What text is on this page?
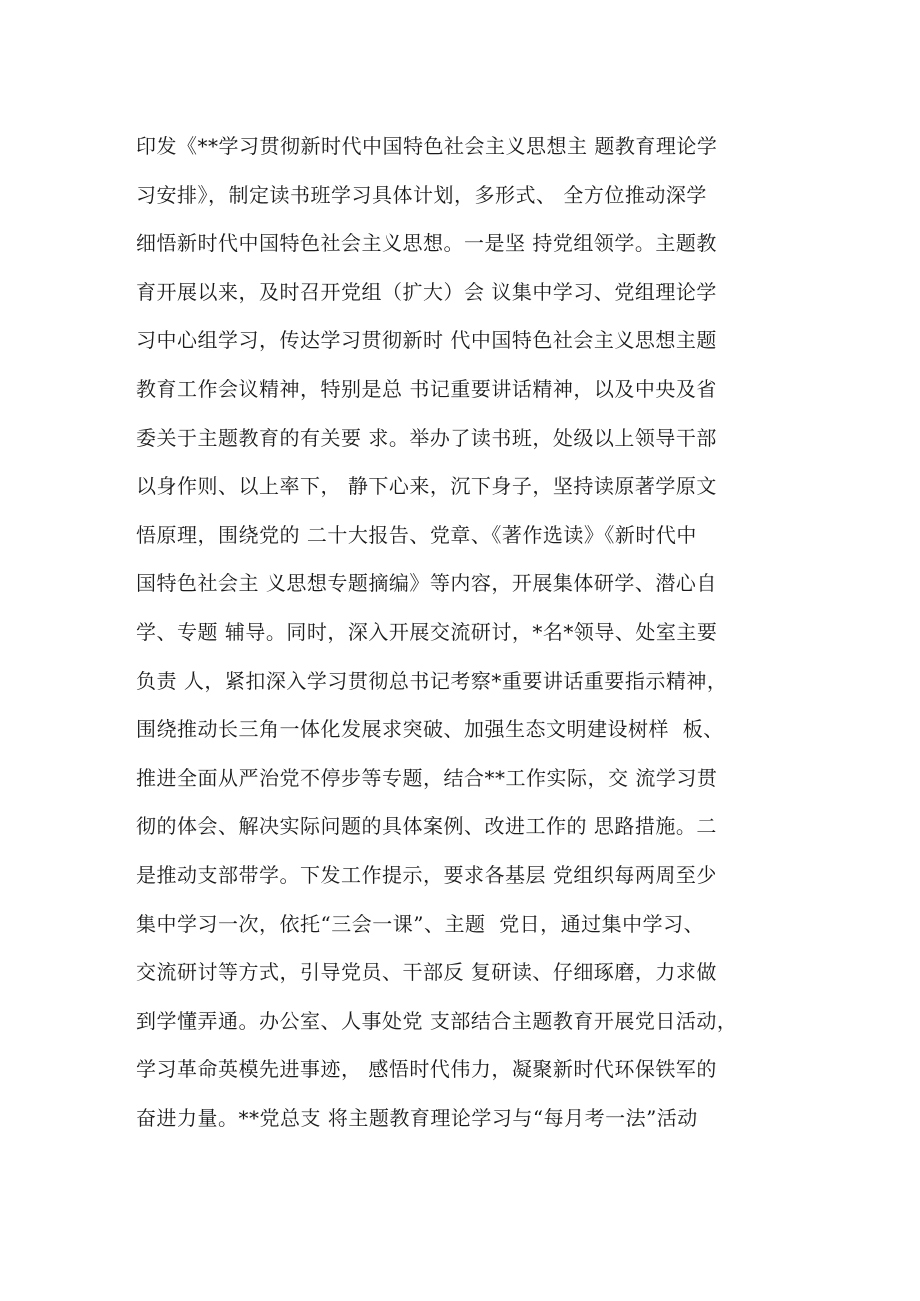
印发《**学习贯彻新时代中国特色社会主义思想主 题教育理论学
习安排》，制定读书班学习具体计划，多形式、 全方位推动深学
细悟新时代中国特色社会主义思想。一是坚 持党组领学。主题教
育开展以来，及时召开党组（扩大）会 议集中学习、党组理论学
习中心组学习，传达学习贯彻新时 代中国特色社会主义思想主题
教育工作会议精神，特别是总 书记重要讲话精神，以及中央及省
委关于主题教育的有关要 求。举办了读书班，处级以上领导干部
以身作则、以上率下， 静下心来，沉下身子，坚持读原著学原文
悟原理，围绕党的 二十大报告、党章、《著作选读》《新时代中
国特色社会主 义思想专题摘编》等内容，开展集体研学、潜心自
学、专题 辅导。同时，深入开展交流研讨，*名*领导、处室主要
负责 人，紧扣深入学习贯彻总书记考察*重要讲话重要指示精神，
围绕推动长三角一体化发展求突破、加强生态文明建设树样  板、
推进全面从严治党不停步等专题，结合**工作实际，交 流学习贯
彻的体会、解决实际问题的具体案例、改进工作的 思路措施。二
是推动支部带学。下发工作提示，要求各基层 党组织每两周至少
集中学习一次，依托“三会一课”、主题  党日，通过集中学习、
交流研讨等方式，引导党员、干部反 复研读、仔细琢磨，力求做
到学懂弄通。办公室、人事处党 支部结合主题教育开展党日活动，
学习革命英模先进事迹， 感悟时代伟力，凝聚新时代环保铁军的
奋进力量。**党总支 将主题教育理论学习与“每月考一法”活动
